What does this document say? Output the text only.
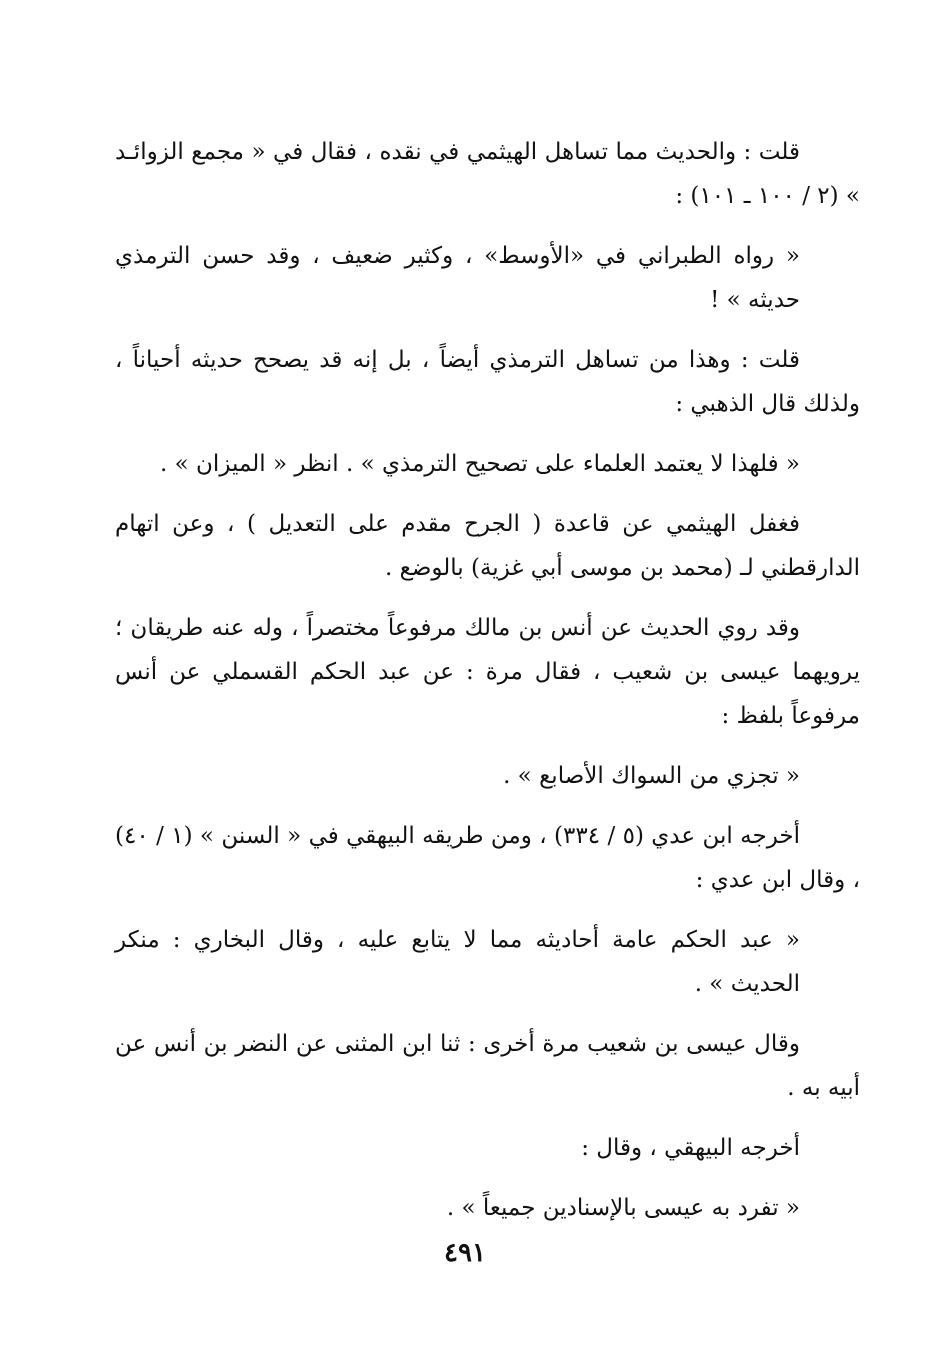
قلت : والحديث مما تساهل الهيثمي في نقده ، فقال في « مجمع الزوائـد » (٢ / ١٠٠ ـ ١٠١) :

« رواه الطبراني في «الأوسط» ، وكثير ضعيف ، وقد حسن الترمذي حديثه » !

قلت : وهذا من تساهل الترمذي أيضاً ، بل إنه قد يصحح حديثه أحياناً ، ولذلك قال الذهبي :

« فلهذا لا يعتمد العلماء على تصحيح الترمذي » . انظر « الميزان » .

فغفل الهيثمي عن قاعدة ( الجرح مقدم على التعديل ) ، وعن اتهام الدارقطني لـ (محمد بن موسى أبي غزية) بالوضع .

وقد روي الحديث عن أنس بن مالك مرفوعاً مختصراً ، وله عنه طريقان ؛ يرويهما عيسى بن شعيب ، فقال مرة : عن عبد الحكم القسملي عن أنس مرفوعاً بلفظ :

« تجزي من السواك الأصابع » .

أخرجه ابن عدي (٥ / ٣٣٤) ، ومن طريقه البيهقي في « السنن » (١ / ٤٠) ، وقال ابن عدي :

« عبد الحكم عامة أحاديثه مما لا يتابع عليه ، وقال البخاري : منكر الحديث » .

وقال عيسى بن شعيب مرة أخرى : ثنا ابن المثنى عن النضر بن أنس عن أبيه به .

أخرجه البيهقي ، وقال :

« تفرد به عيسى بالإسنادين جميعاً » .

٤٩١
